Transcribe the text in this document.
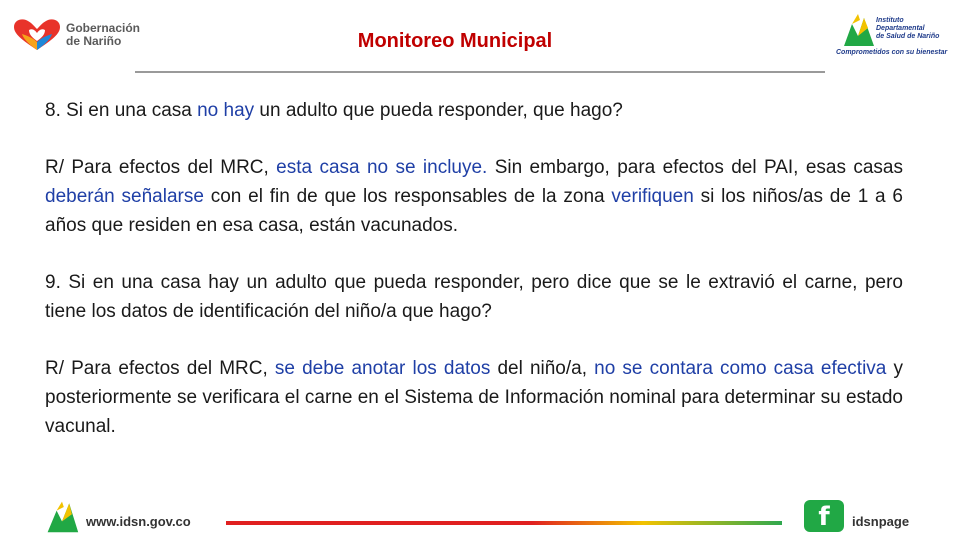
Gobernación
de Nariño	Monitoreo Municipal
Instituto
Departamental
de Salud de Nariño
Comprometidos con su bienestar

8. Si en una casa no hay un adulto que pueda responder, que hago?

R/ Para efectos del MRC, esta casa no se incluye. Sin embargo, para efectos del PAI, esas casas deberán señalarse con el fin de que los responsables de la zona verifiquen si los niños/as de 1 a 6 años que residen en esa casa, están vacunados.

9. Si en una casa hay un adulto que pueda responder, pero dice que se le extravió el carne, pero tiene los datos de identificación del niño/a que hago?

R/ Para efectos del MRC, se debe anotar los datos del niño/a, no se contara como casa efectiva y posteriormente se verificara el carne en el Sistema de Información nominal para determinar su estado vacunal.

www.idsn.gov.co	f	idsnpage
